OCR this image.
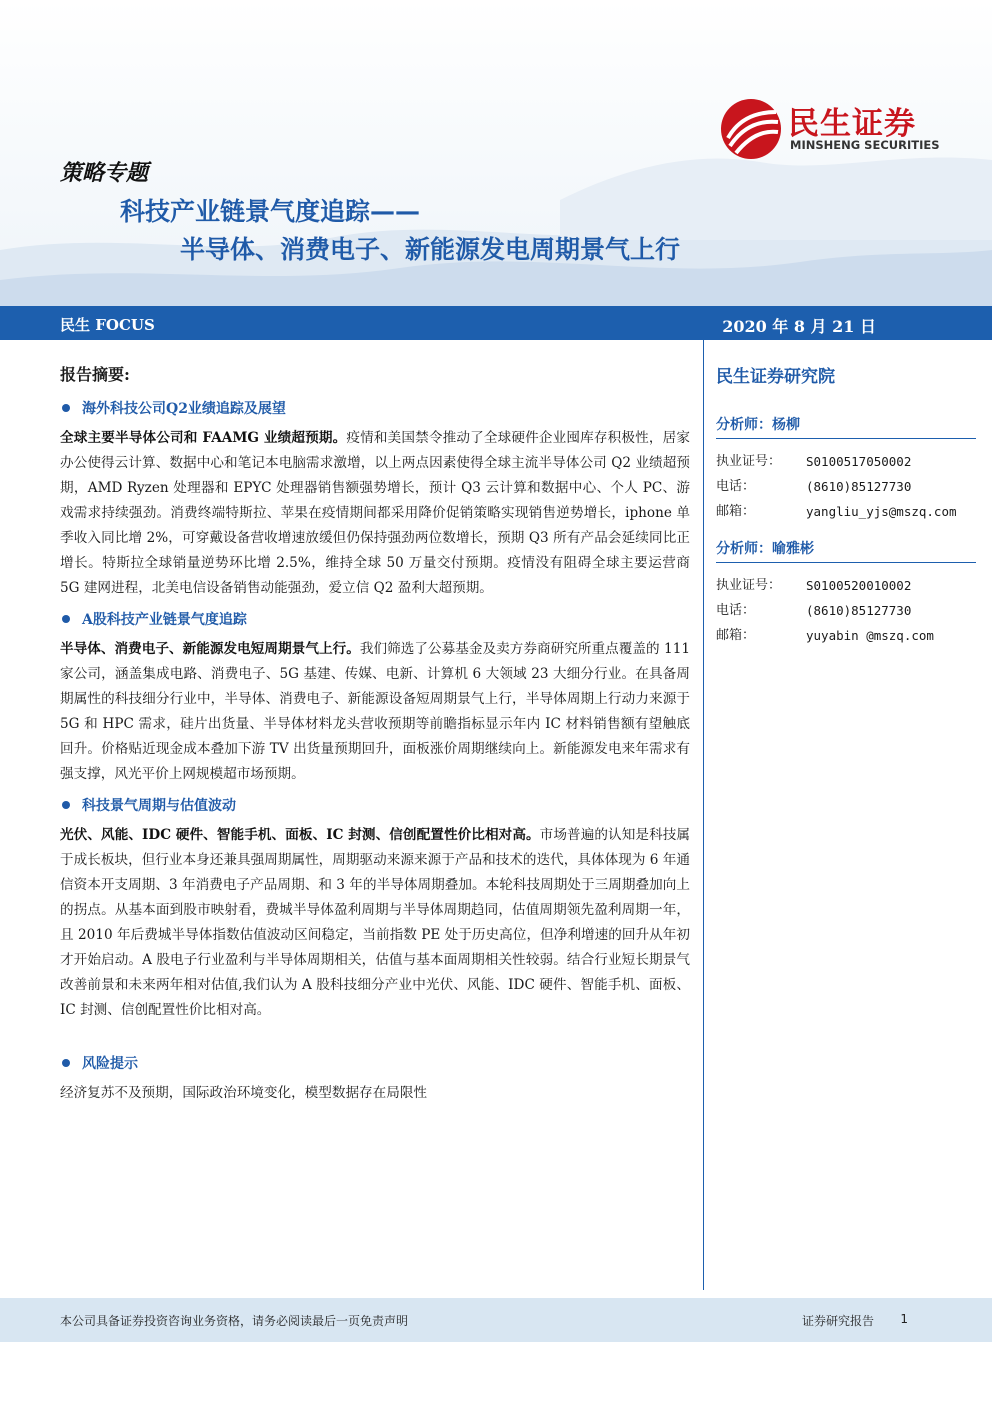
民生证券
MINSHENG SECURITIES
策略专题
科技产业链景气度追踪——
半导体、消费电子、新能源发电周期景气上行
民生 FOCUS	2020 年 8 月 21 日
报告摘要:
海外科技公司Q2业绩追踪及展望

全球主要半导体公司和 FAAMG 业绩超预期。疫情和美国禁令推动了全球硬件企业囤库存积极性，居家办公使得云计算、数据中心和笔记本电脑需求激增，以上两点因素使得全球主流半导体公司 Q2 业绩超预期，AMD Ryzen 处理器和 EPYC 处理器销售额强势增长，预计 Q3 云计算和数据中心、个人 PC、游戏需求持续强劲。消费终端特斯拉、苹果在疫情期间都采用降价促销策略实现销售逆势增长，iphone 单季收入同比增 2%，可穿戴设备营收增速放缓但仍保持强劲两位数增长，预期 Q3 所有产品会延续同比正增长。特斯拉全球销量逆势环比增 2.5%，维持全球 50 万量交付预期。疫情没有阻碍全球主要运营商 5G 建网进程，北美电信设备销售动能强劲，爱立信 Q2 盈利大超预期。

A股科技产业链景气度追踪

半导体、消费电子、新能源发电短周期景气上行。我们筛选了公募基金及卖方券商研究所重点覆盖的 111 家公司，涵盖集成电路、消费电子、5G 基建、传媒、电新、计算机 6 大领域 23 大细分行业。在具备周期属性的科技细分行业中，半导体、消费电子、新能源设备短周期景气上行，半导体周期上行动力来源于 5G 和 HPC 需求，硅片出货量、半导体材料龙头营收预期等前瞻指标显示年内 IC 材料销售额有望触底回升。价格贴近现金成本叠加下游 TV 出货量预期回升，面板涨价周期继续向上。新能源发电来年需求有强支撑，风光平价上网规模超市场预期。

科技景气周期与估值波动

光伏、风能、IDC 硬件、智能手机、面板、IC 封测、信创配置性价比相对高。市场普遍的认知是科技属于成长板块，但行业本身还兼具强周期属性，周期驱动来源来源于产品和技术的迭代，具体体现为 6 年通信资本开支周期、3 年消费电子产品周期、和 3 年的半导体周期叠加。本轮科技周期处于三周期叠加向上的拐点。从基本面到股市映射看，费城半导体盈利周期与半导体周期趋同，估值周期领先盈利周期一年，且 2010 年后费城半导体指数估值波动区间稳定，当前指数 PE 处于历史高位，但净利增速的回升从年初才开始启动。A 股电子行业盈利与半导体周期相关，估值与基本面周期相关性较弱。结合行业短长期景气改善前景和未来两年相对估值,我们认为 A 股科技细分产业中光伏、风能、IDC 硬件、智能手机、面板、IC 封测、信创配置性价比相对高。

风险提示

经济复苏不及预期，国际政治环境变化，模型数据存在局限性

民生证券研究院
分析师：杨柳
执业证号：	S0100517050002
电话：	(8610)85127730
邮箱：	yangliu_yjs@mszq.com
分析师：喻雅彬
执业证号：	S0100520010002
电话：	(8610)85127730
邮箱：	yuyabin @mszq.com
本公司具备证券投资咨询业务资格，请务必阅读最后一页免责声明	证券研究报告 1
